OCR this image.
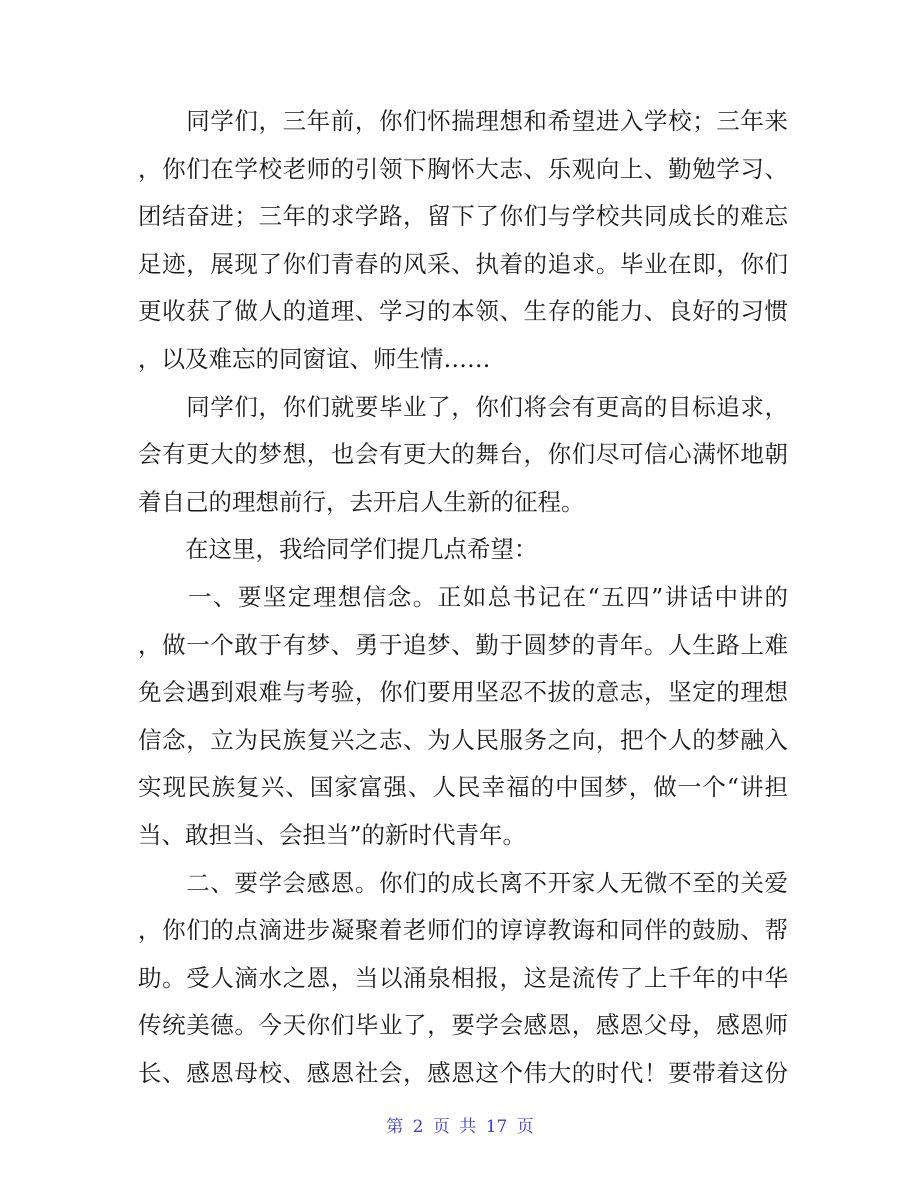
　　同学们，三年前，你们怀揣理想和希望进入学校；三年来
，你们在学校老师的引领下胸怀大志、乐观向上、勤勉学习、
团结奋进；三年的求学路，留下了你们与学校共同成长的难忘
足迹，展现了你们青春的风采、执着的追求。毕业在即，你们
更收获了做人的道理、学习的本领、生存的能力、良好的习惯
，以及难忘的同窗谊、师生情……
　　同学们，你们就要毕业了，你们将会有更高的目标追求，
会有更大的梦想，也会有更大的舞台，你们尽可信心满怀地朝
着自己的理想前行，去开启人生新的征程。
　　在这里，我给同学们提几点希望：
　　一、要坚定理想信念。正如总书记在“五四”讲话中讲的
，做一个敢于有梦、勇于追梦、勤于圆梦的青年。人生路上难
免会遇到艰难与考验，你们要用坚忍不拔的意志，坚定的理想
信念，立为民族复兴之志、为人民服务之向，把个人的梦融入
实现民族复兴、国家富强、人民幸福的中国梦，做一个“讲担
当、敢担当、会担当”的新时代青年。
　　二、要学会感恩。你们的成长离不开家人无微不至的关爱
，你们的点滴进步凝聚着老师们的谆谆教诲和同伴的鼓励、帮
助。受人滴水之恩，当以涌泉相报，这是流传了上千年的中华
传统美德。今天你们毕业了，要学会感恩，感恩父母，感恩师
长、感恩母校、感恩社会，感恩这个伟大的时代！要带着这份
第 2 页 共 17 页
